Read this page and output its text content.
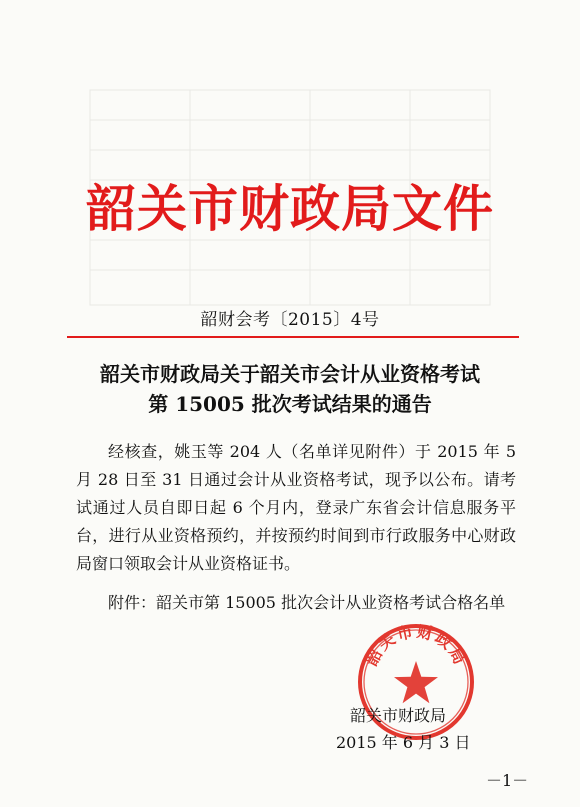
韶关市财政局文件
韶财会考〔2015〕4号
韶关市财政局关于韶关市会计从业资格考试
第 15005 批次考试结果的通告
经核查，姚玉等 204 人（名单详见附件）于 2015 年 5 月 28 日至 31 日通过会计从业资格考试，现予以公布。请考试通过人员自即日起 6 个月内，登录广东省会计信息服务平台，进行从业资格预约，并按预约时间到市行政服务中心财政局窗口领取会计从业资格证书。
附件：韶关市第 15005 批次会计从业资格考试合格名单
韶关市财政局
韶关市财政局
2015 年 6 月 3 日
－1－
